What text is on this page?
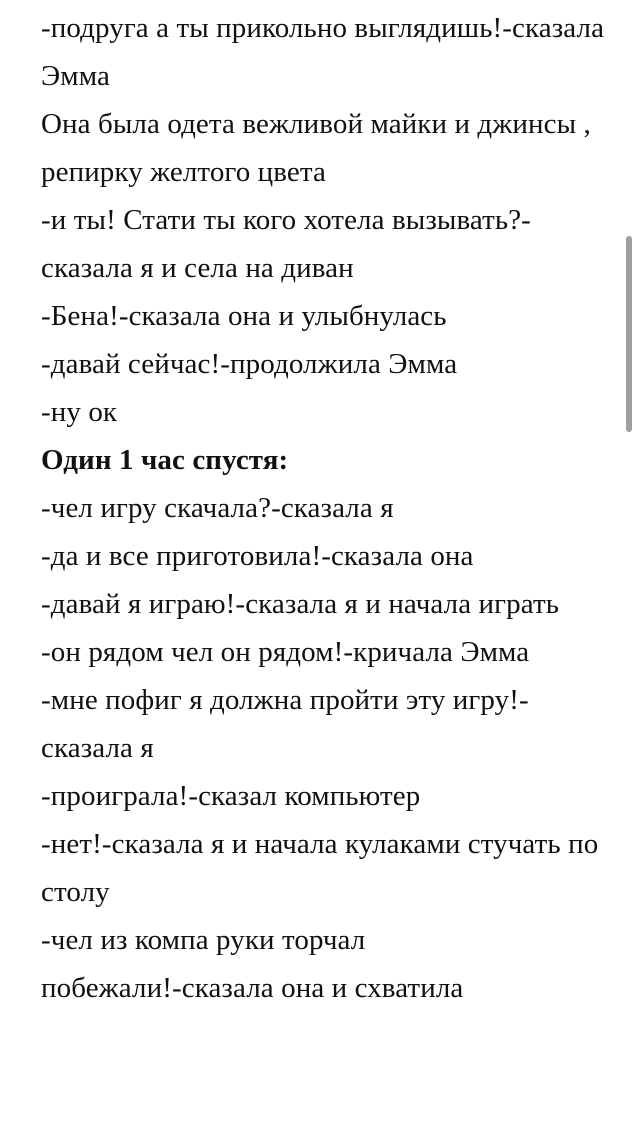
-подруга а ты прикольно выглядишь!-сказала Эмма

Она была одета вежливой майки и джинсы , репирку желтого цвета

-и ты! Стати ты кого хотела вызывать?-сказала я и села на диван

-Бена!-сказала она и улыбнулась

-давай сейчас!-продолжила Эмма

-ну ок

Один 1 час спустя:

-чел игру скачала?-сказала я

-да и все приготовила!-сказала она

-давай я играю!-сказала я и начала играть

-он рядом чел он рядом!-кричала Эмма

-мне пофиг я должна пройти эту игру!-сказала я

-проиграла!-сказал компьютер

-нет!-сказала я и начала кулаками стучать по столу

-чел из компа руки торчал

побежали!-сказала она и схватила
